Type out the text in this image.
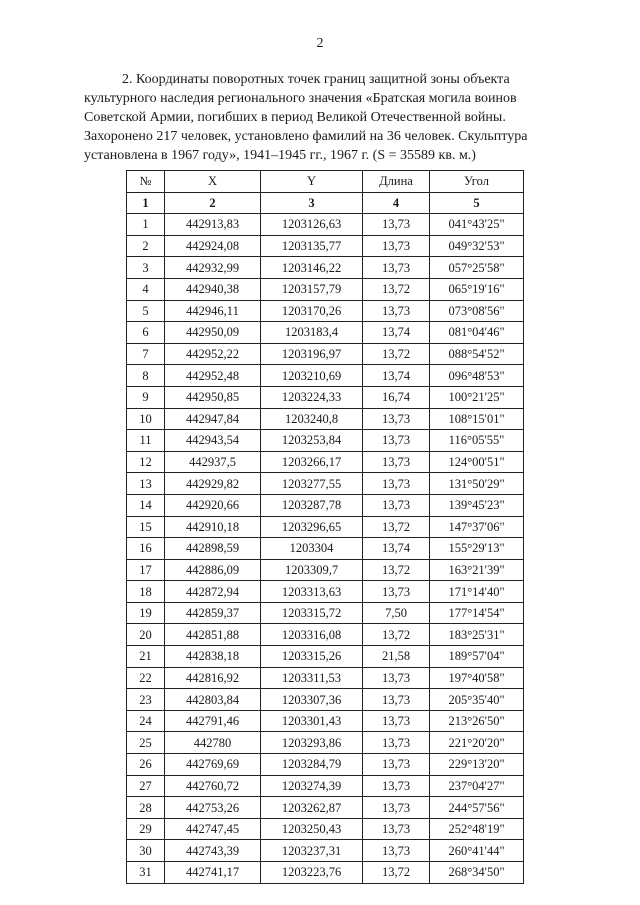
2
2. Координаты поворотных точек границ защитной зоны объекта
культурного наследия регионального значения «Братская могила воинов
Советской Армии, погибших в период Великой Отечественной войны.
Захоронено 217 человек, установлено фамилий на 36 человек. Скульптура
установлена в 1967 году», 1941–1945 гг., 1967 г. (S = 35589 кв. м.)
№	X	Y	Длина	Угол
1	2	3	4	5
1	442913,83	1203126,63	13,73	041°43'25"
2	442924,08	1203135,77	13,73	049°32'53"
3	442932,99	1203146,22	13,73	057°25'58"
4	442940,38	1203157,79	13,72	065°19'16"
5	442946,11	1203170,26	13,73	073°08'56"
6	442950,09	1203183,4	13,74	081°04'46"
7	442952,22	1203196,97	13,72	088°54'52"
8	442952,48	1203210,69	13,74	096°48'53"
9	442950,85	1203224,33	16,74	100°21'25"
10	442947,84	1203240,8	13,73	108°15'01"
11	442943,54	1203253,84	13,73	116°05'55"
12	442937,5	1203266,17	13,73	124°00'51"
13	442929,82	1203277,55	13,73	131°50'29"
14	442920,66	1203287,78	13,73	139°45'23"
15	442910,18	1203296,65	13,72	147°37'06"
16	442898,59	1203304	13,74	155°29'13"
17	442886,09	1203309,7	13,72	163°21'39"
18	442872,94	1203313,63	13,73	171°14'40"
19	442859,37	1203315,72	7,50	177°14'54"
20	442851,88	1203316,08	13,72	183°25'31"
21	442838,18	1203315,26	21,58	189°57'04"
22	442816,92	1203311,53	13,73	197°40'58"
23	442803,84	1203307,36	13,73	205°35'40"
24	442791,46	1203301,43	13,73	213°26'50"
25	442780	1203293,86	13,73	221°20'20"
26	442769,69	1203284,79	13,73	229°13'20"
27	442760,72	1203274,39	13,73	237°04'27"
28	442753,26	1203262,87	13,73	244°57'56"
29	442747,45	1203250,43	13,73	252°48'19"
30	442743,39	1203237,31	13,73	260°41'44"
31	442741,17	1203223,76	13,72	268°34'50"
